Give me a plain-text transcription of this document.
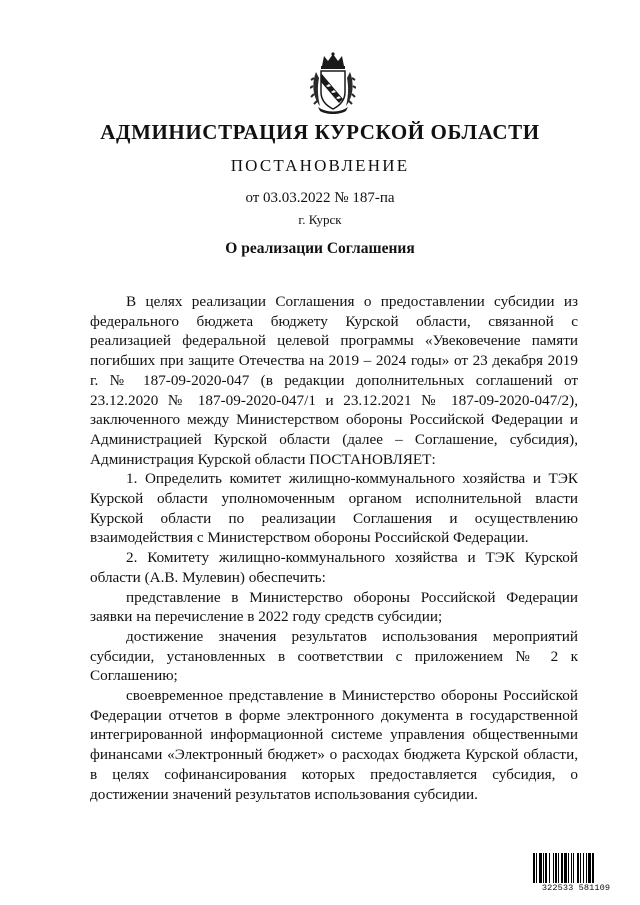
АДМИНИСТРАЦИЯ КУРСКОЙ ОБЛАСТИ
ПОСТАНОВЛЕНИЕ
от 03.03.2022 № 187-па
г. Курск
О реализации Соглашения

В целях реализации Соглашения о предоставлении субсидии из федерального бюджета бюджету Курской области, связанной с реализацией федеральной целевой программы «Увековечение памяти погибших при защите Отечества на 2019 – 2024 годы» от 23 декабря 2019 г. № 187-09-2020-047 (в редакции дополнительных соглашений от 23.12.2020 № 187-09-2020-047/1 и 23.12.2021 № 187-09-2020-047/2), заключенного между Министерством обороны Российской Федерации и Администрацией Курской области (далее – Соглашение, субсидия), Администрация Курской области ПОСТАНОВЛЯЕТ:

1. Определить комитет жилищно-коммунального хозяйства и ТЭК Курской области уполномоченным органом исполнительной власти Курской области по реализации Соглашения и осуществлению взаимодействия с Министерством обороны Российской Федерации.

2. Комитету жилищно-коммунального хозяйства и ТЭК Курской области (А.В. Мулевин) обеспечить:

представление в Министерство обороны Российской Федерации заявки на перечисление в 2022 году средств субсидии;

достижение значения результатов использования мероприятий субсидии, установленных в соответствии с приложением № 2 к Соглашению;

своевременное представление в Министерство обороны Российской Федерации отчетов в форме электронного документа в государственной интегрированной информационной системе управления общественными финансами «Электронный бюджет» о расходах бюджета Курской области, в целях софинансирования которых предоставляется субсидия, о достижении значений результатов использования субсидии.

322533 581109
